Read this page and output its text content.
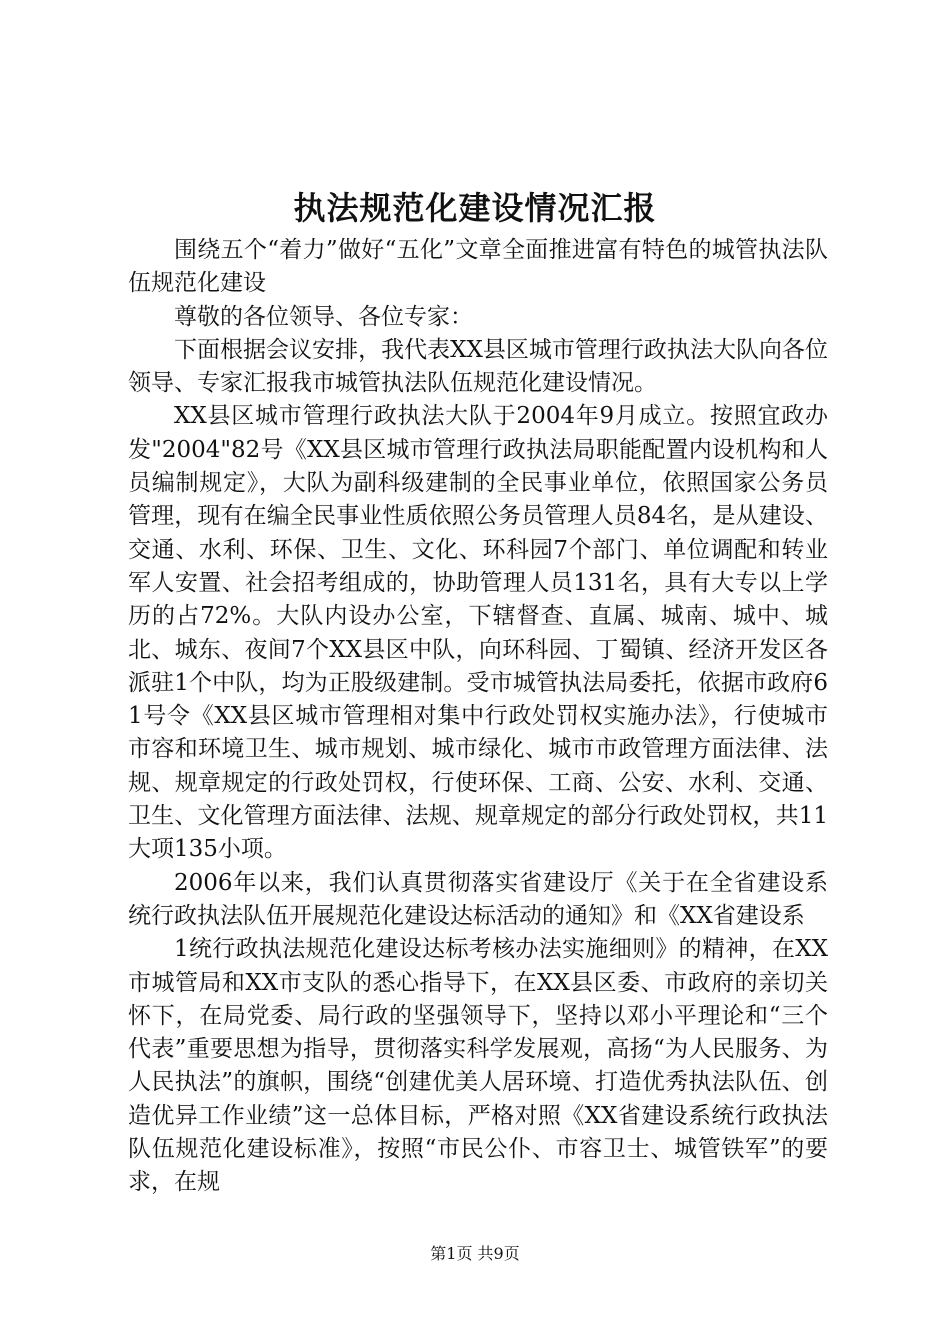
执法规范化建设情况汇报

围绕五个“着力”做好“五化”文章全面推进富有特色的城管执法队伍规范化建设

尊敬的各位领导、各位专家：

下面根据会议安排，我代表XX县区城市管理行政执法大队向各位领导、专家汇报我市城管执法队伍规范化建设情况。

XX县区城市管理行政执法大队于2004年9月成立。按照宜政办发"2004"82号《XX县区城市管理行政执法局职能配置内设机构和人员编制规定》，大队为副科级建制的全民事业单位，依照国家公务员管理，现有在编全民事业性质依照公务员管理人员84名，是从建设、交通、水利、环保、卫生、文化、环科园7个部门、单位调配和转业军人安置、社会招考组成的，协助管理人员131名，具有大专以上学历的占72%。大队内设办公室，下辖督查、直属、城南、城中、城北、城东、夜间7个XX县区中队，向环科园、丁蜀镇、经济开发区各派驻1个中队，均为正股级建制。受市城管执法局委托，依据市政府61号令《XX县区城市管理相对集中行政处罚权实施办法》，行使城市市容和环境卫生、城市规划、城市绿化、城市市政管理方面法律、法规、规章规定的行政处罚权，行使环保、工商、公安、水利、交通、卫生、文化管理方面法律、法规、规章规定的部分行政处罚权，共11大项135小项。

2006年以来，我们认真贯彻落实省建设厅《关于在全省建设系统行政执法队伍开展规范化建设达标活动的通知》和《XX省建设系

1统行政执法规范化建设达标考核办法实施细则》的精神，在XX市城管局和XX市支队的悉心指导下，在XX县区委、市政府的亲切关怀下，在局党委、局行政的坚强领导下，坚持以邓小平理论和“三个代表”重要思想为指导，贯彻落实科学发展观，高扬“为人民服务、为人民执法”的旗帜，围绕“创建优美人居环境、打造优秀执法队伍、创造优异工作业绩”这一总体目标，严格对照《XX省建设系统行政执法队伍规范化建设标准》，按照“市民公仆、市容卫士、城管铁军”的要求，在规

第1页 共9页
